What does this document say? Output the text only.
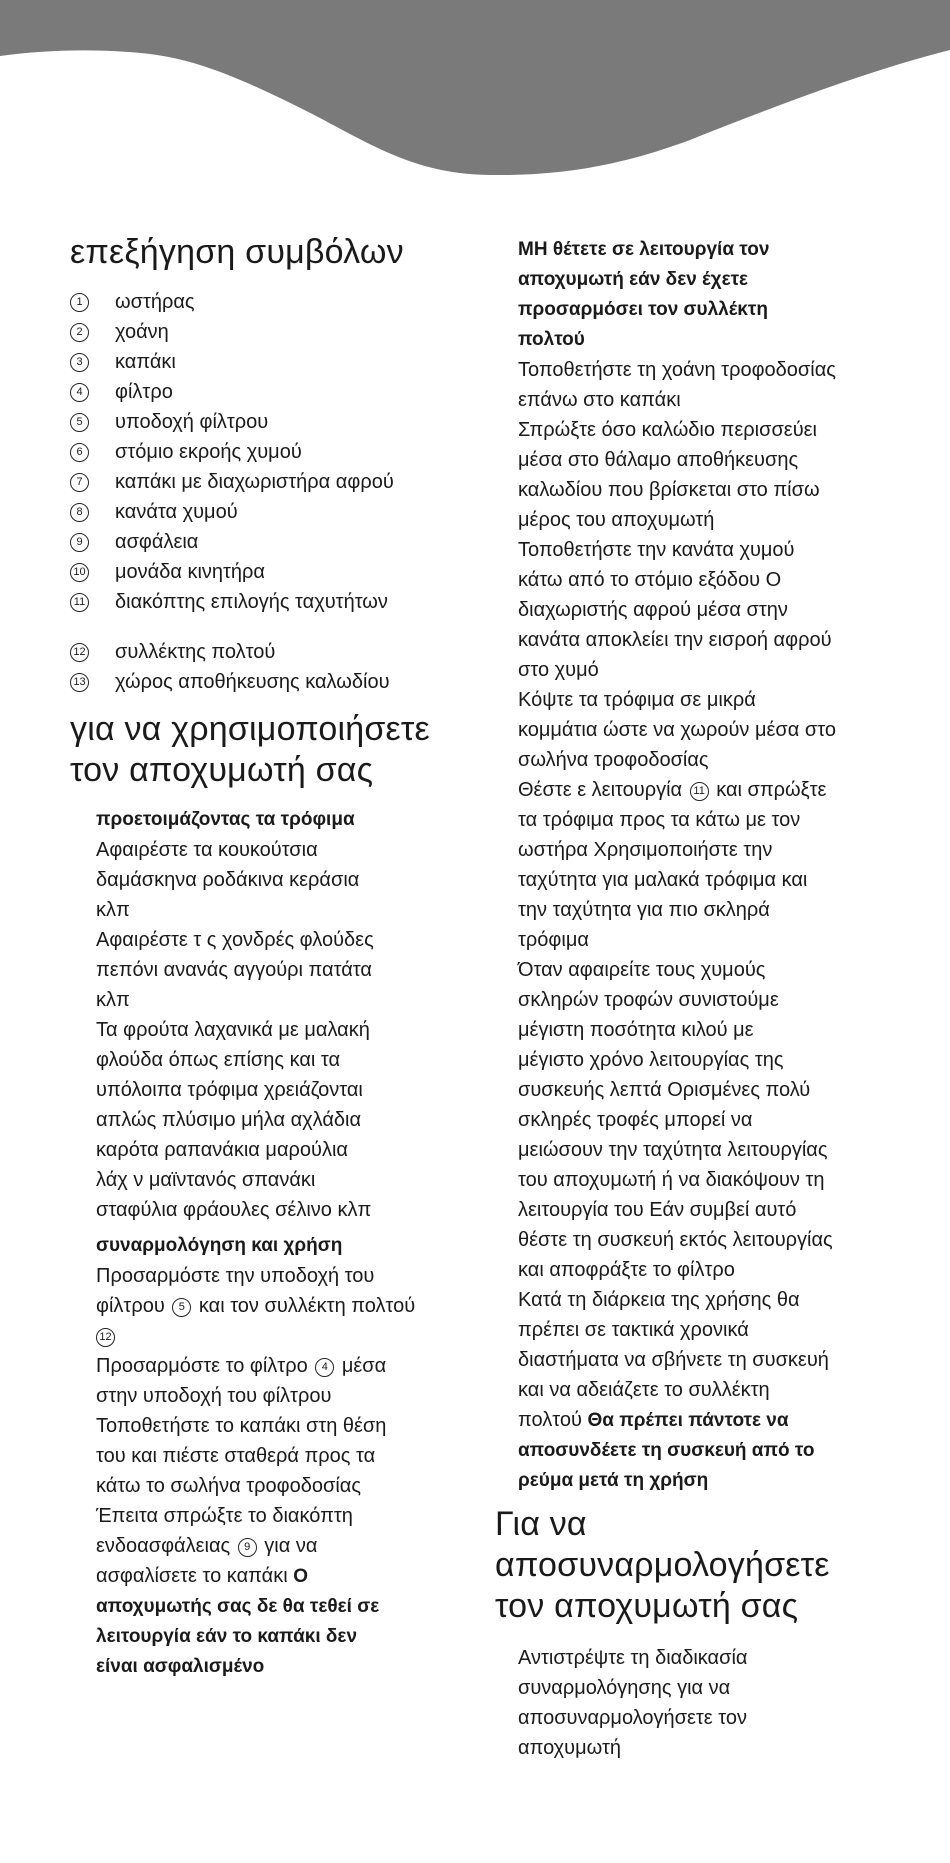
επεξήγηση συμβόλων
1	ωστήρας
2	χοάνη
3	καπάκι
4	φίλτρο
5	υποδοχή φίλτρου
6	στόμιο εκροής χυμού
7	καπάκι με διαχωριστήρα αφρού
8	κανάτα χυμού
9	ασφάλεια
10 μονάδα κινητήρα
11 διακόπτης επιλογής ταχυτήτων
12 συλλέκτης πολτού
13 χώρος αποθήκευσης καλωδίου
για να χρησιμοποιήσετε
τον αποχυμωτή σας
προετοιμάζοντας τα τρόφιμα
Αφαιρέστε τα κουκούτσια
δαμάσκηνα ροδάκινα κεράσια
κλπ
Αφαιρέστε τ ς χονδρές φλούδες
πεπόνι ανανάς αγγούρι πατάτα
κλπ
Τα φρούτα λαχανικά με μαλακή
φλούδα όπως επίσης και τα
υπόλοιπα τρόφιμα χρειάζονται
απλώς πλύσιμο μήλα αχλάδια
καρότα ραπανάκια μαρούλια
λάχ ν μαϊντανός σπανάκι
σταφύλια φράουλες σέλινο κλπ
συναρμολόγηση και χρήση
Προσαρμόστε την υποδοχή του
φίλτρου 5 και τον συλλέκτη πολτού
12
Προσαρμόστε το φίλτρο 4 μέσα
στην υποδοχή του φίλτρου
Τοποθετήστε το καπάκι στη θέση
του και πιέστε σταθερά προς τα
κάτω το σωλήνα τροφοδοσίας
Έπειτα σπρώξτε το διακόπτη
ενδοασφάλειας 9 για να
ασφαλίσετε το καπάκι Ο
αποχυμωτής σας δε θα τεθεί σε
λειτουργία εάν το καπάκι δεν
είναι ασφαλισμένο
ΜΗ θέτετε σε λειτουργία τον
αποχυμωτή εάν δεν έχετε
προσαρμόσει τον συλλέκτη
πολτού
Τοποθετήστε τη χοάνη τροφοδοσίας
επάνω στο καπάκι
Σπρώξτε όσο καλώδιο περισσεύει
μέσα στο θάλαμο αποθήκευσης
καλωδίου που βρίσκεται στο πίσω
μέρος του αποχυμωτή
Τοποθετήστε την κανάτα χυμού
κάτω από το στόμιο εξόδου Ο
διαχωριστής αφρού μέσα στην
κανάτα αποκλείει την εισροή αφρού
στο χυμό
Κόψτε τα τρόφιμα σε μικρά
κομμάτια ώστε να χωρούν μέσα στο
σωλήνα τροφοδοσίας
Θέστε ε λειτουργία 11 και σπρώξτε
τα τρόφιμα προς τα κάτω με τον
ωστήρα Χρησιμοποιήστε την
ταχύτητα για μαλακά τρόφιμα και
την ταχύτητα για πιο σκληρά
τρόφιμα
Όταν αφαιρείτε τους χυμούς
σκληρών τροφών συνιστούμε
μέγιστη ποσότητα κιλού με
μέγιστο χρόνο λειτουργίας της
συσκευής λεπτά Ορισμένες πολύ
σκληρές τροφές μπορεί να
μειώσουν την ταχύτητα λειτουργίας
του αποχυμωτή ή να διακόψουν τη
λειτουργία του Εάν συμβεί αυτό
θέστε τη συσκευή εκτός λειτουργίας
και αποφράξτε το φίλτρο
Κατά τη διάρκεια της χρήσης θα
πρέπει σε τακτικά χρονικά
διαστήματα να σβήνετε τη συσκευή
και να αδειάζετε το συλλέκτη
πολτού Θα πρέπει πάντοτε να
αποσυνδέετε τη συσκευή από το
ρεύμα μετά τη χρήση
Για να
αποσυναρμολογήσετε
τον αποχυμωτή σας
Αντιστρέψτε τη διαδικασία
συναρμολόγησης για να
αποσυναρμολογήσετε τον
αποχυμωτή
